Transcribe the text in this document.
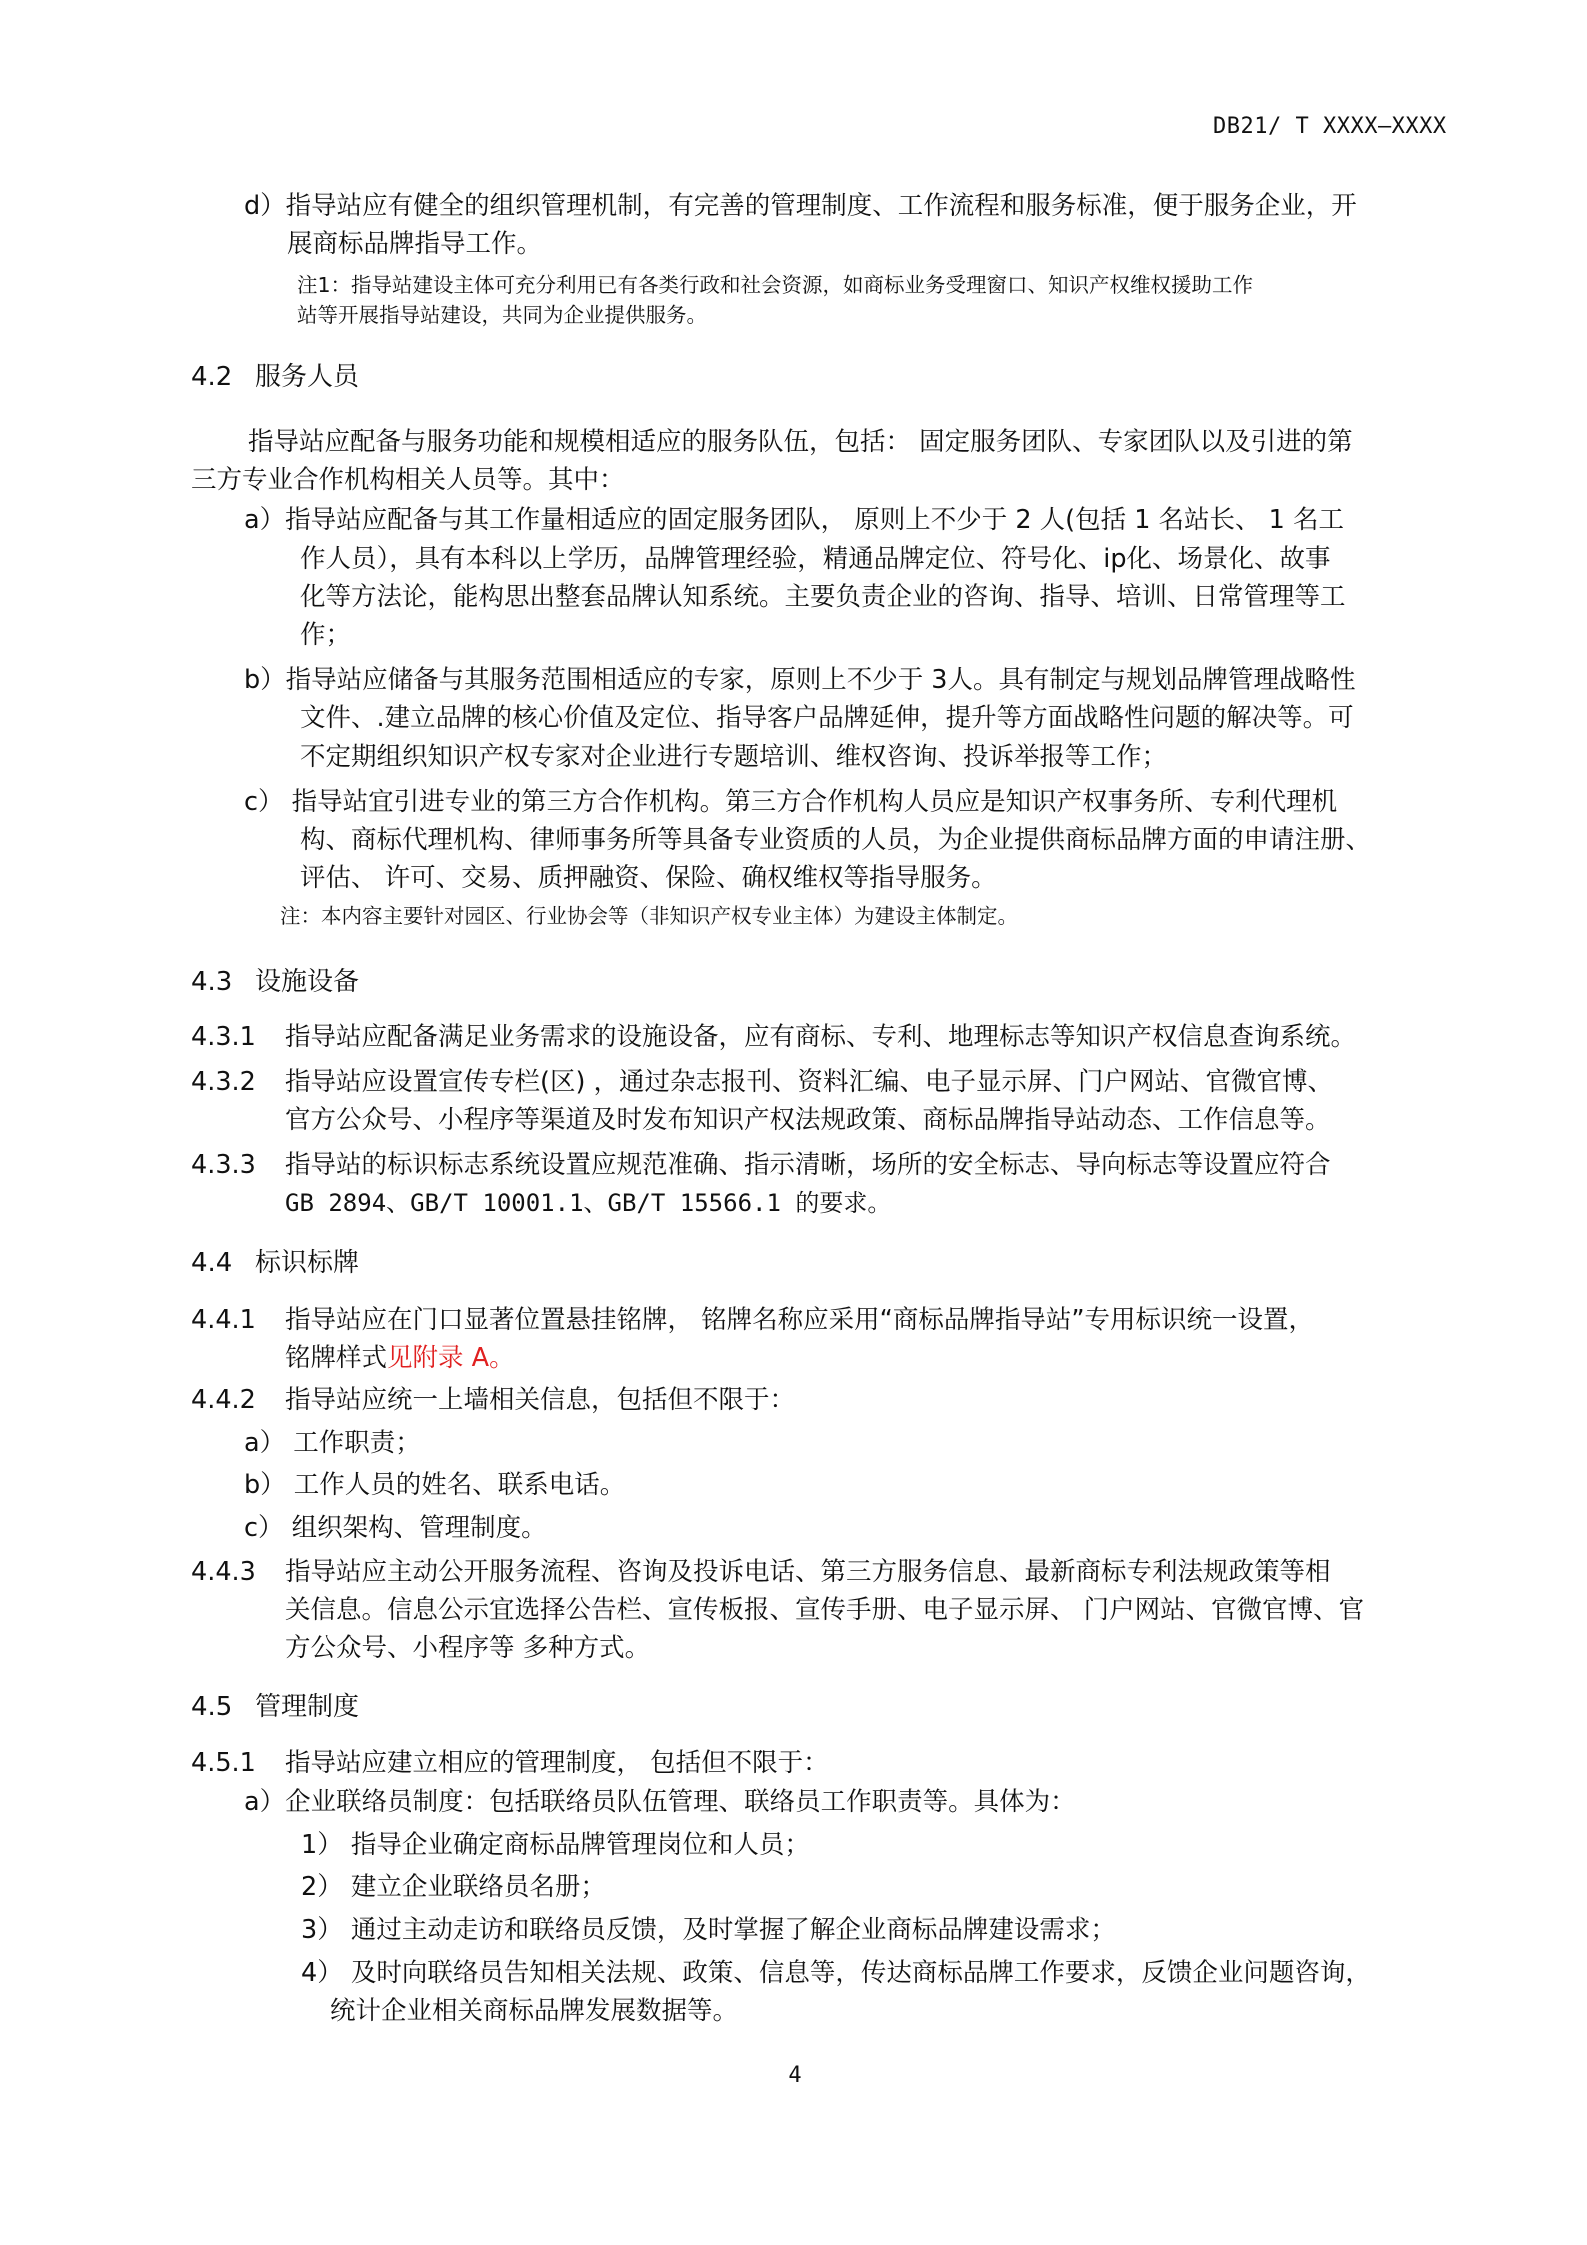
DB21/ T XXXX—XXXX
d）指导站应有健全的组织管理机制，有完善的管理制度、工作流程和服务标准，便于服务企业，开
展商标品牌指导工作。
注1：指导站建设主体可充分利用已有各类行政和社会资源，如商标业务受理窗口、知识产权维权援助工作
站等开展指导站建设，共同为企业提供服务。
4.2 服务人员
指导站应配备与服务功能和规模相适应的服务队伍，包括： 固定服务团队、专家团队以及引进的第
三方专业合作机构相关人员等。其中：
a）指导站应配备与其工作量相适应的固定服务团队， 原则上不少于 2 人(包括 1 名站长、 1 名工
作人员），具有本科以上学历，品牌管理经验，精通品牌定位、符号化、ip化、场景化、故事
化等方法论，能构思出整套品牌认知系统。主要负责企业的咨询、指导、培训、日常管理等工
作；
b）指导站应储备与其服务范围相适应的专家，原则上不少于 3人。具有制定与规划品牌管理战略性
文件、.建立品牌的核心价值及定位、指导客户品牌延伸，提升等方面战略性问题的解决等。可
不定期组织知识产权专家对企业进行专题培训、维权咨询、投诉举报等工作；
c） 指导站宜引进专业的第三方合作机构。第三方合作机构人员应是知识产权事务所、专利代理机
构、商标代理机构、律师事务所等具备专业资质的人员，为企业提供商标品牌方面的申请注册、
评估、 许可、交易、质押融资、保险、确权维权等指导服务。
注：本内容主要针对园区、行业协会等（非知识产权专业主体）为建设主体制定。
4.3 设施设备
4.3.1 指导站应配备满足业务需求的设施设备，应有商标、专利、地理标志等知识产权信息查询系统。
4.3.2 指导站应设置宣传专栏(区) ，通过杂志报刊、资料汇编、电子显示屏、门户网站、官微官博、
官方公众号、小程序等渠道及时发布知识产权法规政策、商标品牌指导站动态、工作信息等。
4.3.3 指导站的标识标志系统设置应规范准确、指示清晰，场所的安全标志、导向标志等设置应符合
GB 2894、GB/T 10001.1、GB/T 15566.1 的要求。
4.4 标识标牌
4.4.1 指导站应在门口显著位置悬挂铭牌， 铭牌名称应采用“商标品牌指导站”专用标识统一设置，
铭牌样式见附录 A。
4.4.2 指导站应统一上墙相关信息，包括但不限于：
a） 工作职责；
b） 工作人员的姓名、联系电话。
c） 组织架构、管理制度。
4.4.3 指导站应主动公开服务流程、咨询及投诉电话、第三方服务信息、最新商标专利法规政策等相
关信息。信息公示宜选择公告栏、宣传板报、宣传手册、电子显示屏、 门户网站、官微官博、官
方公众号、小程序等 多种方式。
4.5 管理制度
4.5.1 指导站应建立相应的管理制度， 包括但不限于：
a）企业联络员制度：包括联络员队伍管理、联络员工作职责等。具体为：
1） 指导企业确定商标品牌管理岗位和人员；
2） 建立企业联络员名册；
3） 通过主动走访和联络员反馈，及时掌握了解企业商标品牌建设需求；
4） 及时向联络员告知相关法规、政策、信息等，传达商标品牌工作要求，反馈企业问题咨询，
统计企业相关商标品牌发展数据等。
4
